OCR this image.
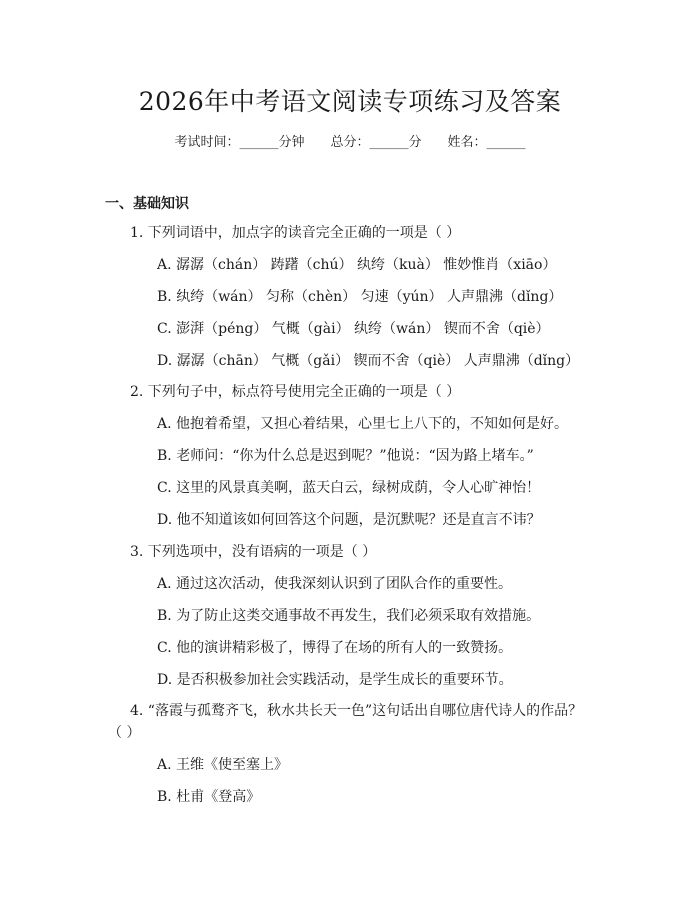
2026年中考语文阅读专项练习及答案
考试时间：______分钟 总分：______分 姓名：______
一、基础知识
1. 下列词语中，加点字的读音完全正确的一项是（ ）
A. 潺潺（chán） 踌躇（chú） 纨绔（kuà） 惟妙惟肖（xiāo）
B. 纨绔（wán） 匀称（chèn） 匀速（yún） 人声鼎沸（dǐng）
C. 澎湃（péng） 气概（gài） 纨绔（wán） 锲而不舍（qiè）
D. 潺潺（chān） 气概（gǎi） 锲而不舍（qiè） 人声鼎沸（dǐng）
2. 下列句子中，标点符号使用完全正确的一项是（ ）
A. 他抱着希望，又担心着结果，心里七上八下的，不知如何是好。
B. 老师问：“你为什么总是迟到呢？”他说：“因为路上堵车。”
C. 这里的风景真美啊，蓝天白云，绿树成荫，令人心旷神怡！
D. 他不知道该如何回答这个问题，是沉默呢？还是直言不讳？
3. 下列选项中，没有语病的一项是（ ）
A. 通过这次活动，使我深刻认识到了团队合作的重要性。
B. 为了防止这类交通事故不再发生，我们必须采取有效措施。
C. 他的演讲精彩极了，博得了在场的所有人的一致赞扬。
D. 是否积极参加社会实践活动，是学生成长的重要环节。
4. “落霞与孤鹜齐飞，秋水共长天一色”这句话出自哪位唐代诗人的作品？
（ ）
A. 王维《使至塞上》
B. 杜甫《登高》
